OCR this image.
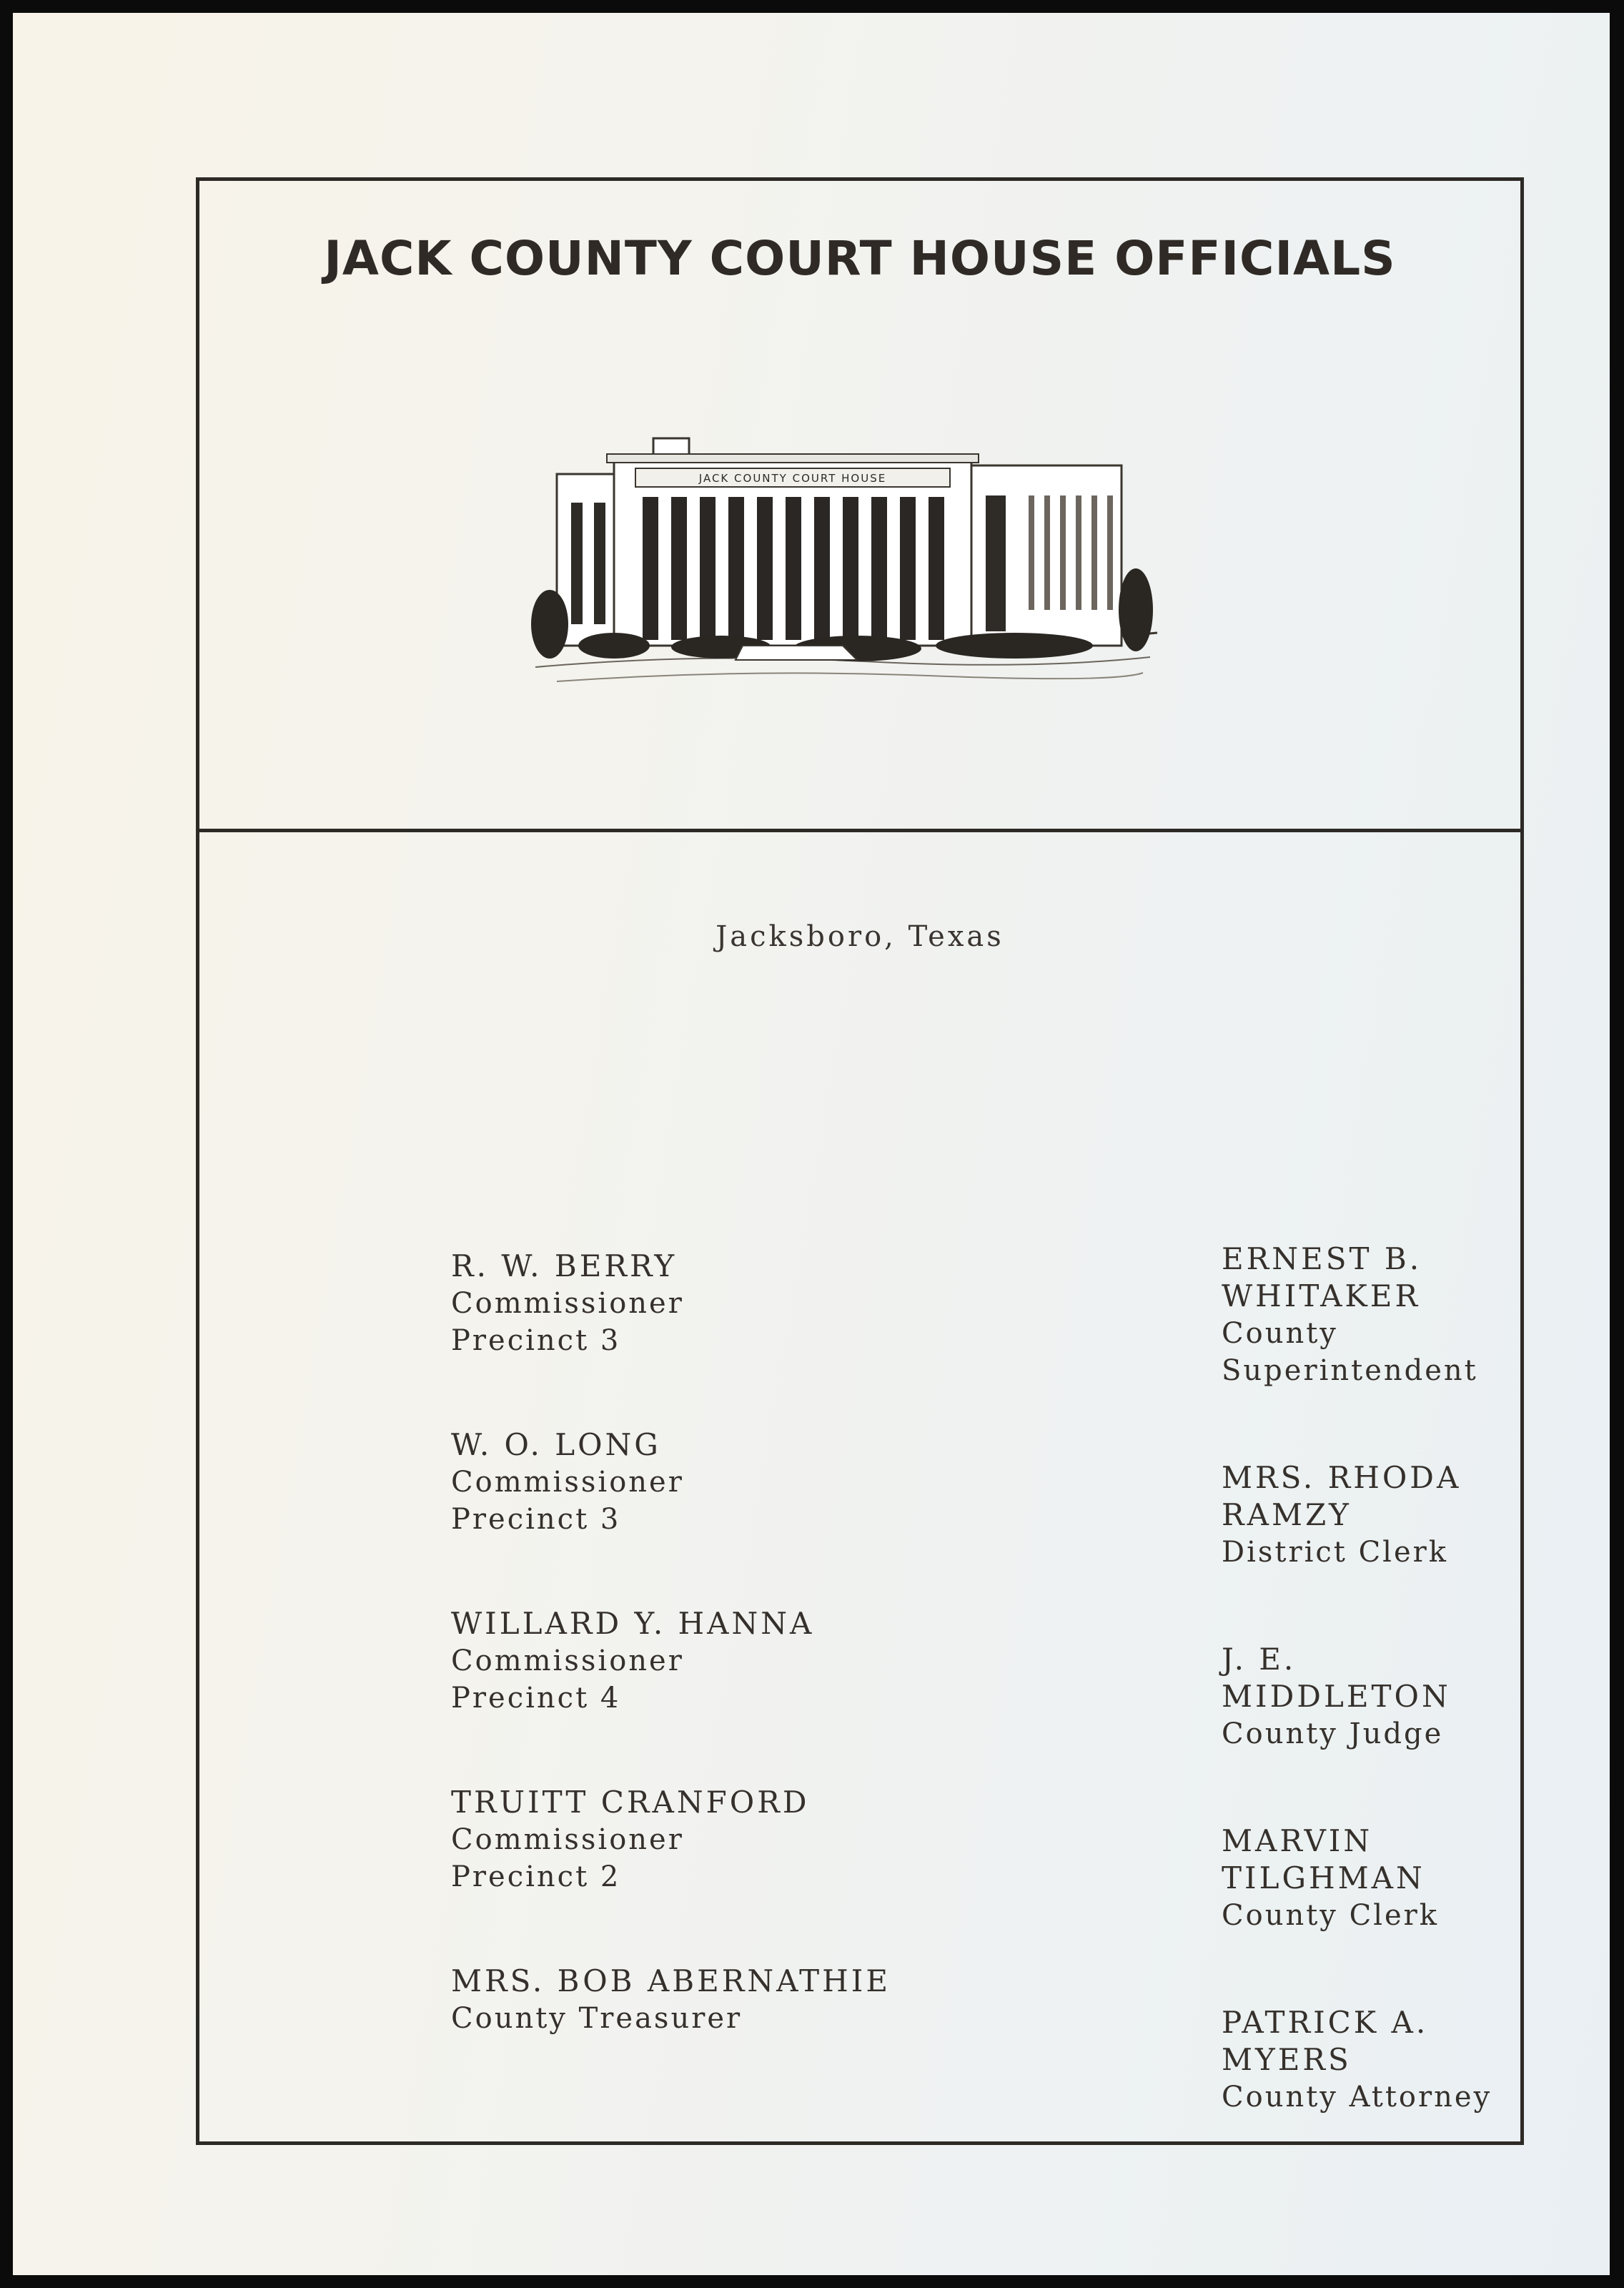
JACK COUNTY COURT HOUSE OFFICIALS
JACK COUNTY COURT HOUSE
Jacksboro, Texas
R. W. BERRY
Commissioner
Precinct 3
W. O. LONG
Commissioner
Precinct 3
WILLARD Y. HANNA
Commissioner
Precinct 4
TRUITT CRANFORD
Commissioner
Precinct 2
MRS. BOB ABERNATHIE
County Treasurer
ERNEST B. WHITAKER
County Superintendent
MRS. RHODA RAMZY
District Clerk
J. E. MIDDLETON
County Judge
MARVIN TILGHMAN
County Clerk
PATRICK A. MYERS
County Attorney
